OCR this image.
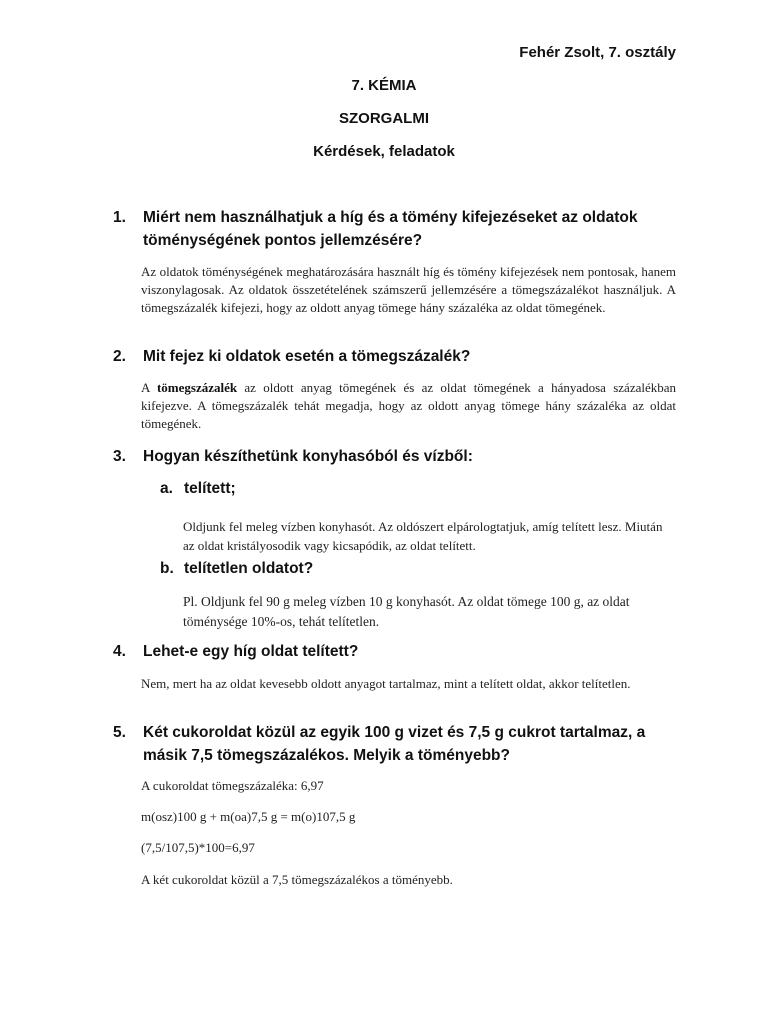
Fehér Zsolt, 7. osztály
7. KÉMIA
SZORGALMI
Kérdések, feladatok
1.	Miért nem használhatjuk a híg és a tömény kifejezéseket az oldatok töménységének pontos jellemzésére?
Az oldatok töménységének meghatározására használt híg és tömény kifejezések nem pontosak, hanem viszonylagosak. Az oldatok összetételének számszerű jellemzésére a tömegszázalékot használjuk. A tömegszázalék kifejezi, hogy az oldott anyag tömege hány százaléka az oldat tömegének.
2.	Mit fejez ki oldatok esetén a tömegszázalék?
A tömegszázalék az oldott anyag tömegének és az oldat tömegének a hányadosa százalékban kifejezve. A tömegszázalék tehát megadja, hogy az oldott anyag tömege hány százaléka az oldat tömegének.
3.	Hogyan készíthetünk konyhasóból és vízből:
a. telített;
Oldjunk fel meleg vízben konyhasót. Az oldószert elpárologtatjuk, amíg telített lesz. Miután az oldat kristályosodik vagy kicsapódik, az oldat telített.
b. telítetlen oldatot?
Pl. Oldjunk fel 90 g meleg vízben 10 g konyhasót. Az oldat tömege 100 g, az oldat töménysége 10%-os, tehát telítetlen.
4.	Lehet-e egy híg oldat telített?
Nem, mert ha az oldat kevesebb oldott anyagot tartalmaz, mint a telített oldat, akkor telítetlen.
5.	Két cukoroldat közül az egyik 100 g vizet és 7,5 g cukrot tartalmaz, a másik 7,5 tömegszázalékos. Melyik a töményebb?
A cukoroldat tömegszázaléka: 6,97
m(osz)100 g + m(oa)7,5 g = m(o)107,5 g
(7,5/107,5)*100=6,97
A két cukoroldat közül a 7,5 tömegszázalékos a töményebb.
